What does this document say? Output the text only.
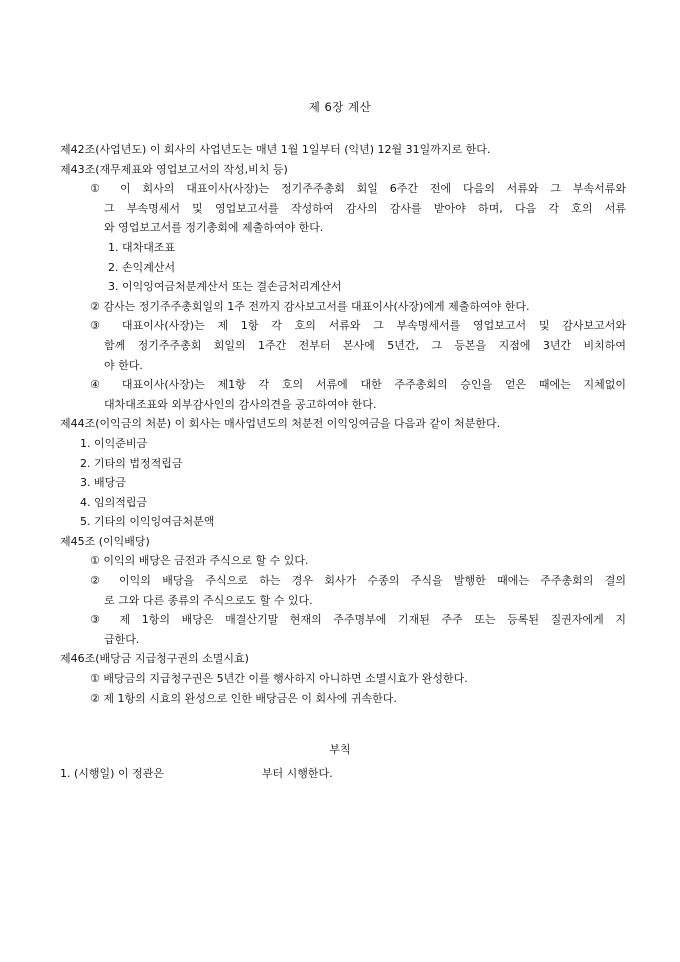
제 6장 계산
제42조(사업년도) 이 회사의 사업년도는 매년 1월 1일부터 (익년) 12월 31일까지로 한다.
제43조(재무제표와 영업보고서의 작성,비치 등)
① 이 회사의 대표이사(사장)는 정기주주총회 회일 6주간 전에 다음의 서류와 그 부속서류와
그 부속명세서 및 영업보고서를 작성하여 감사의 감사를 받아야 하며, 다음 각 호의 서류
와 영업보고서를 정기총회에 제출하여야 한다.
1. 대차대조표
2. 손익계산서
3. 이익잉여금처분계산서 또는 결손금처리계산서
② 감사는 정기주주총회일의 1주 전까지 감사보고서를 대표이사(사장)에게 제출하여야 한다.
③ 대표이사(사장)는 제 1항 각 호의 서류와 그 부속명세서를 영업보고서 및 감사보고서와
함께 정기주주총회 회일의 1주간 전부터 본사에 5년간, 그 등본을 지점에 3년간 비치하여
야 한다.
④ 대표이사(사장)는 제1항 각 호의 서류에 대한 주주총회의 승인을 얻은 때에는 지체없이
대차대조표와 외부감사인의 감사의견을 공고하여야 한다.
제44조(이익금의 처분) 이 회사는 매사업년도의 처분전 이익잉여금을 다음과 같이 처분한다.
1. 이익준비금
2. 기타의 법정적립금
3. 배당금
4. 임의적립금
5. 기타의 이익잉여금처분액
제45조 (이익배당)
① 이익의 배당은 금전과 주식으로 할 수 있다.
② 이익의 배당을 주식으로 하는 경우 회사가 수종의 주식을 발행한 때에는 주주총회의 결의
로 그와 다른 종류의 주식으로도 할 수 있다.
③ 제 1항의 배당은 매결산기말 현재의 주주명부에 기재된 주주 또는 등록된 질권자에게 지
급한다.
제46조(배당금 지급청구권의 소멸시효)
① 배당금의 지급청구권은 5년간 이를 행사하지 아니하면 소멸시효가 완성한다.
② 제 1항의 시효의 완성으로 인한 배당금은 이 회사에 귀속한다.
부칙
1. (시행일) 이 정관은                            부터 시행한다.
